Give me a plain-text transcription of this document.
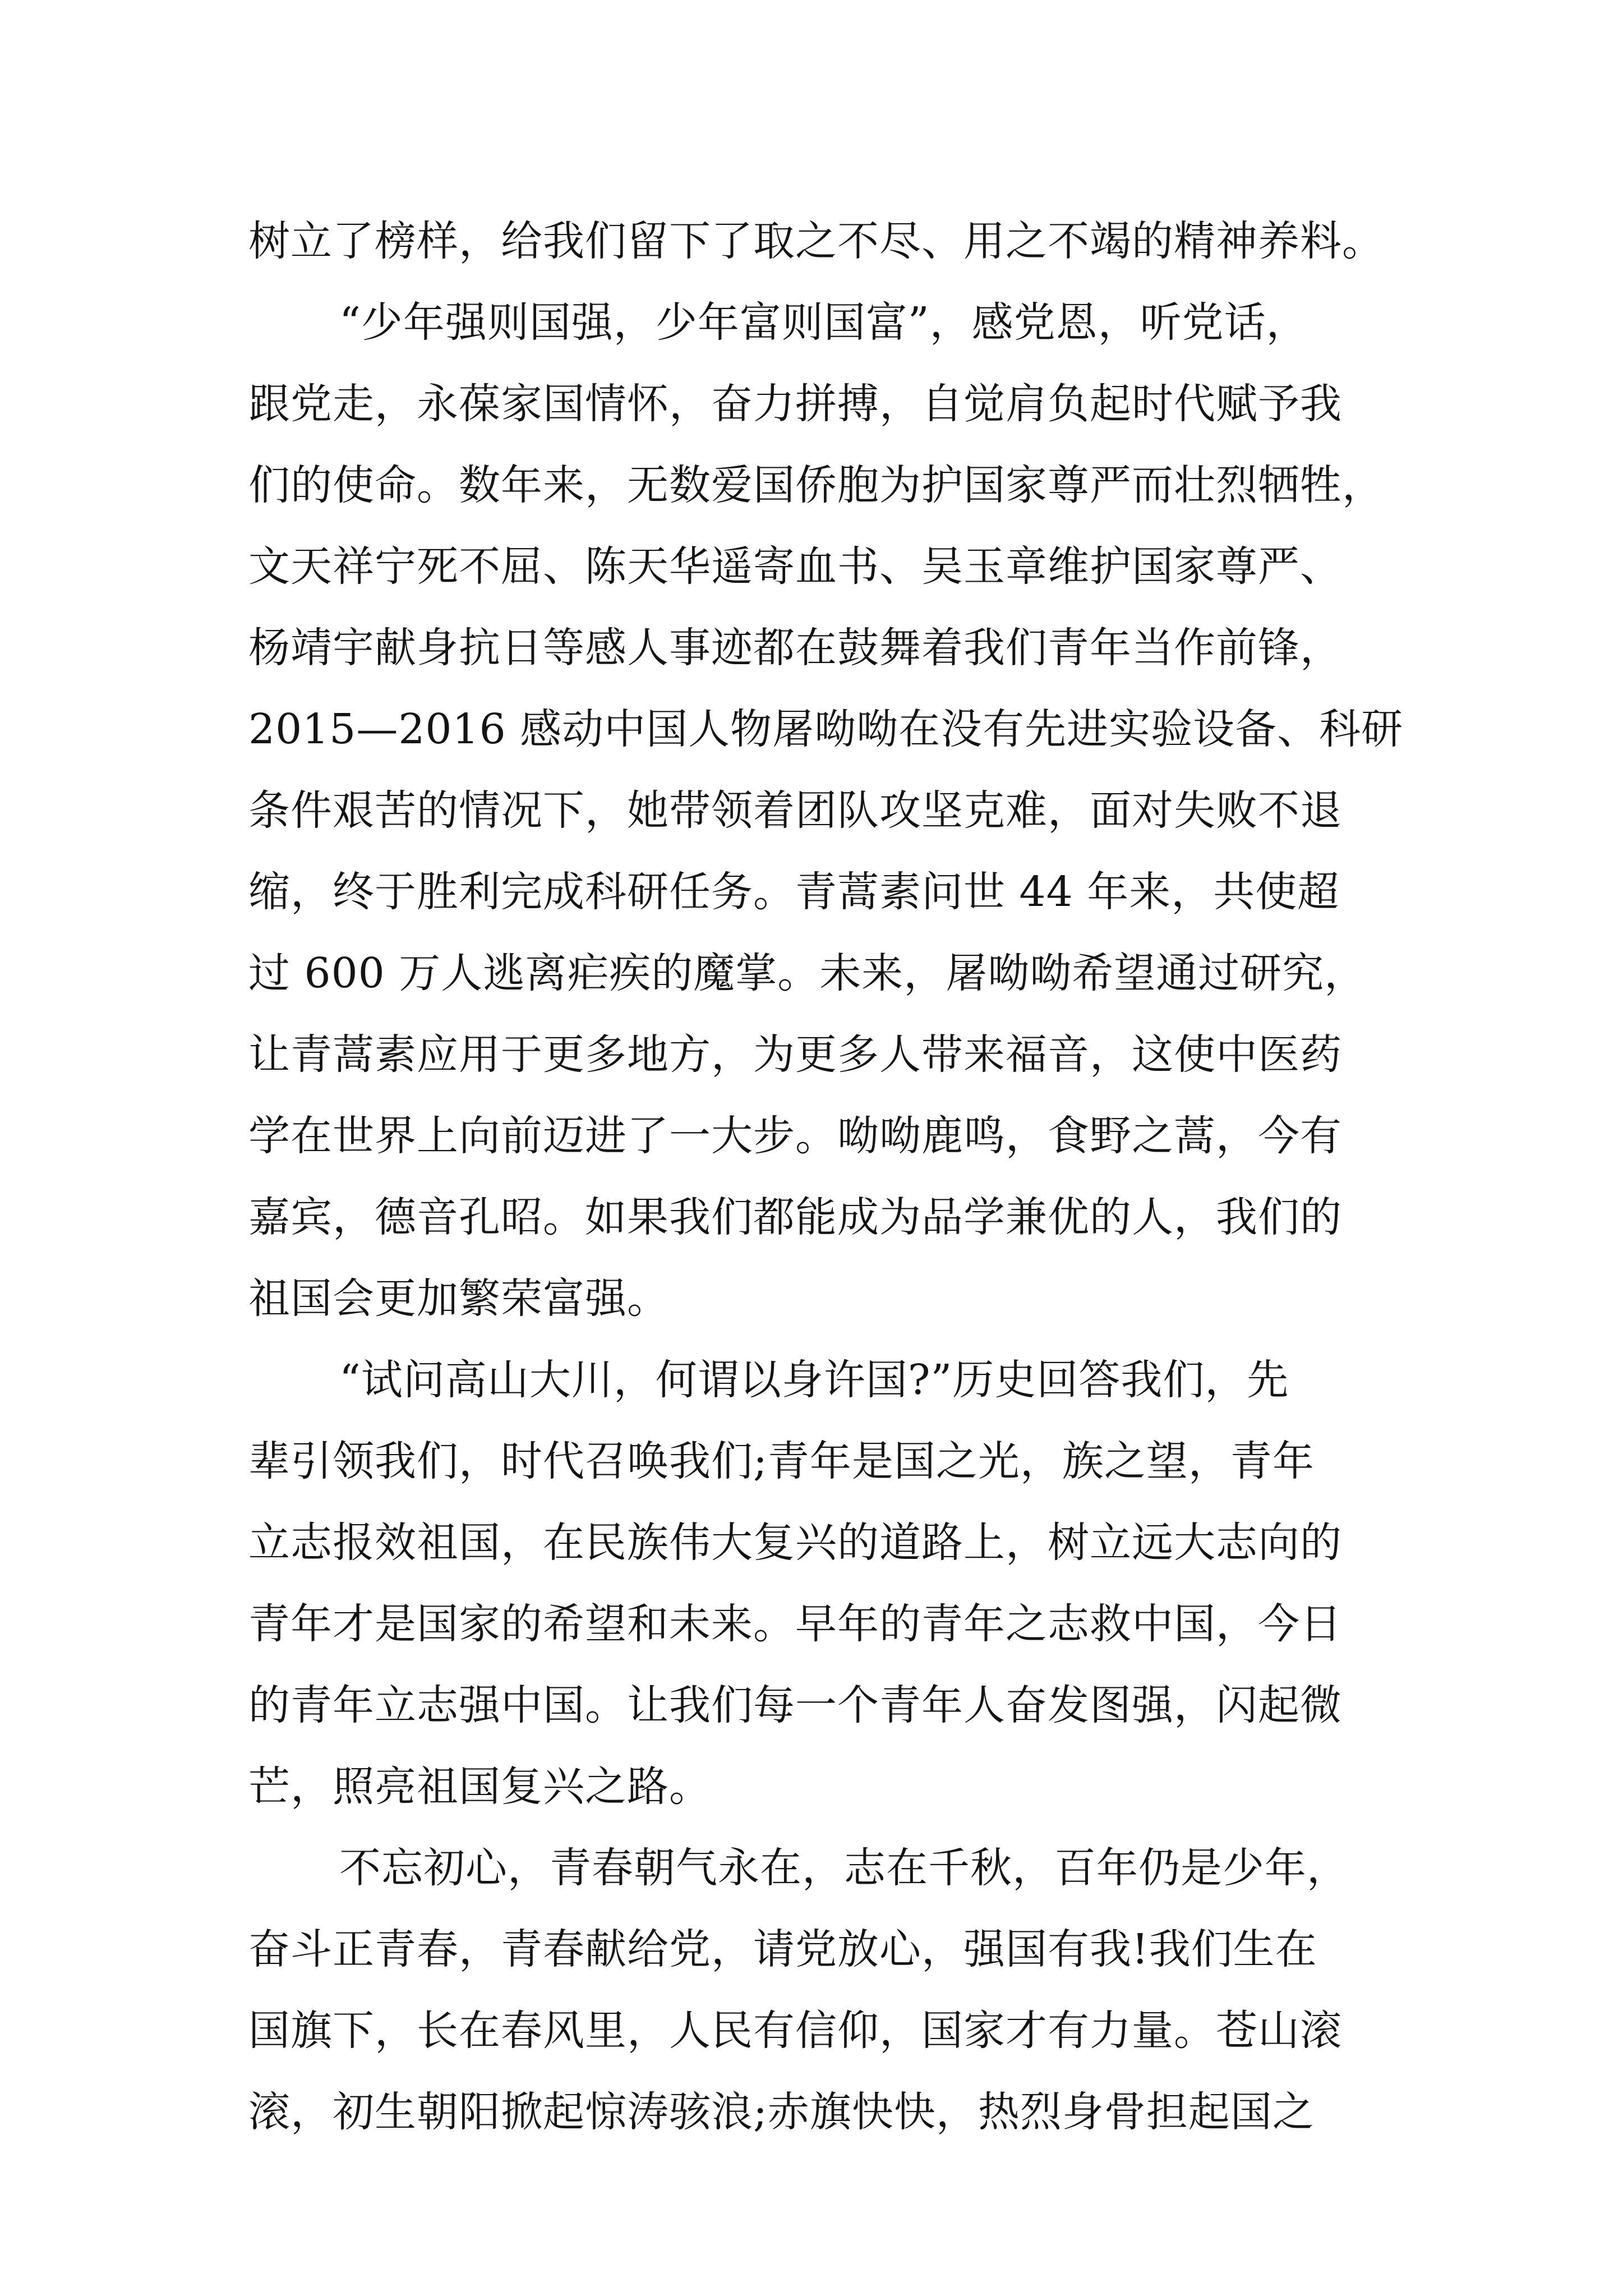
树立了榜样，给我们留下了取之不尽、用之不竭的精神养料。

“少年强则国强，少年富则国富”，感党恩，听党话，

跟党走，永葆家国情怀，奋力拼搏，自觉肩负起时代赋予我

们的使命。数年来，无数爱国侨胞为护国家尊严而壮烈牺牲，

文天祥宁死不屈、陈天华遥寄血书、吴玉章维护国家尊严、

杨靖宇献身抗日等感人事迹都在鼓舞着我们青年当作前锋，

2015—2016 感动中国人物屠呦呦在没有先进实验设备、科研

条件艰苦的情况下，她带领着团队攻坚克难，面对失败不退

缩，终于胜利完成科研任务。青蒿素问世 44 年来，共使超

过 600 万人逃离疟疾的魔掌。未来，屠呦呦希望通过研究，

让青蒿素应用于更多地方，为更多人带来福音，这使中医药

学在世界上向前迈进了一大步。呦呦鹿鸣，食野之蒿，今有

嘉宾，德音孔昭。如果我们都能成为品学兼优的人，我们的

祖国会更加繁荣富强。

“试问高山大川，何谓以身许国?”历史回答我们，先

辈引领我们，时代召唤我们;青年是国之光，族之望，青年

立志报效祖国，在民族伟大复兴的道路上，树立远大志向的

青年才是国家的希望和未来。早年的青年之志救中国，今日

的青年立志强中国。让我们每一个青年人奋发图强，闪起微

芒，照亮祖国复兴之路。

不忘初心，青春朝气永在，志在千秋，百年仍是少年，

奋斗正青春，青春献给党，请党放心，强国有我!我们生在

国旗下，长在春风里，人民有信仰，国家才有力量。苍山滚

滚，初生朝阳掀起惊涛骇浪;赤旗快快，热烈身骨担起国之
